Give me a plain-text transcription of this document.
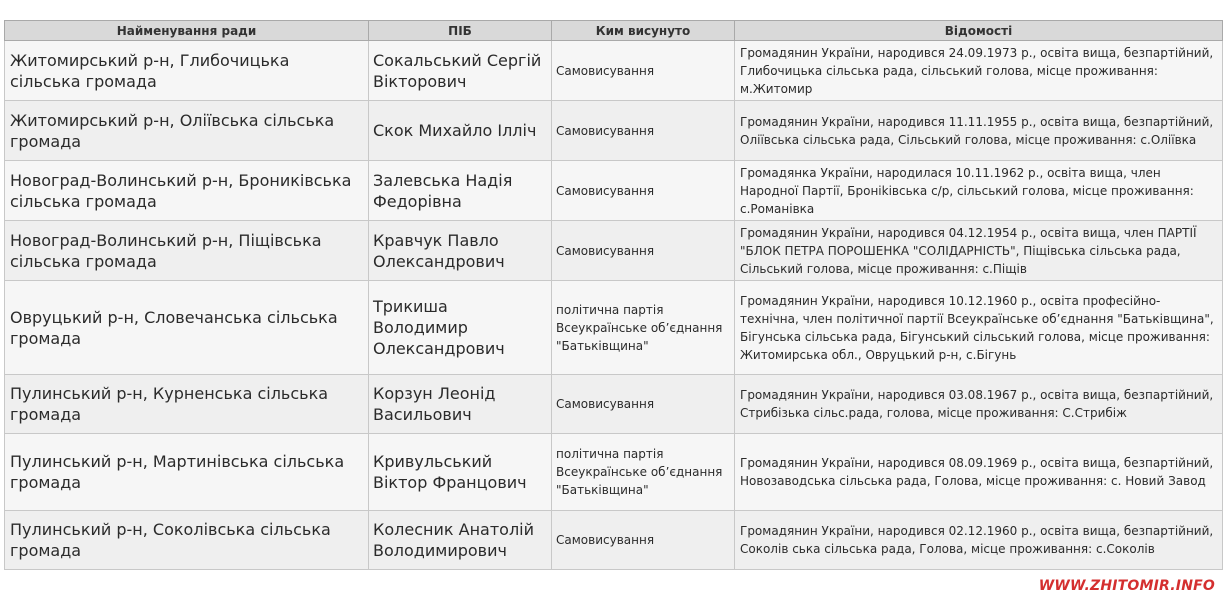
Найменування ради	ПІБ	Ким висунуто	Відомості
Житомирський р-н, Глибочицька сільська громада	Сокальський Сергій Вікторович	Самовисування	Громадянин України, народився 24.09.1973 р., освіта вища, безпартійний, Глибочицька сільська рада, сільський голова, місце проживання: м.Житомир
Житомирський р-н, Оліївська сільська громада	Скок Михайло Ілліч	Самовисування	Громадянин України, народився 11.11.1955 р., освіта вища, безпартійний, Оліївська сільська рада, Сільський голова, місце проживання: с.Оліївка
Новоград-Волинський р-н, Броникiвська сільська громада	Залевська Надія Федорівна	Самовисування	Громадянка України, народилася 10.11.1962 р., освіта вища, член Народної Партії, Бронikiвська с/р, сільський голова, місце проживання: с.Романівка
Новоград-Волинський р-н, Піщівська сільська громада	Кравчук Павло Олександрович	Самовисування	Громадянин України, народився 04.12.1954 р., освіта вища, член ПАРТІЇ "БЛОК ПЕТРА ПОРОШЕНКА "СОЛІДАРНІСТЬ", Піщівська сільська рада, Сільський голова, місце проживання: с.Піщів
Овруцький р-н, Словечанська сільська громада	Трикиша Володимир Олександрович	політична партія Всеукраїнське об’єднання "Батьківщина"	Громадянин України, народився 10.12.1960 р., освіта професійно-технічна, член політичної партії Всеукраїнське об’єднання "Батьківщина", Бігунська сільська рада, Бігунський сільський голова, місце проживання: Житомирська обл., Овруцький р-н, с.Бігунь
Пулинський р-н, Курненська сільська громада	Корзун Леонід Васильович	Самовисування	Громадянин України, народився 03.08.1967 р., освіта вища, безпартійний, Стрибізька сільс.рада, голова, місце проживання: С.Стрибіж
Пулинський р-н, Мартинівська сільська громада	Кривульський Віктор Францович	політична партія Всеукраїнське об’єднання "Батьківщина"	Громадянин України, народився 08.09.1969 р., освіта вища, безпартійний, Новозаводська сільська рада, Голова, місце проживання: с. Новий Завод
Пулинський р-н, Соколівська сільська громада	Колесник Анатолій Володимирович	Самовисування	Громадянин України, народився 02.12.1960 р., освіта вища, безпартійний, Соколів ська сільська рада, Голова, місце проживання: с.Соколів
WWW.ZHITOMIR.INFO
